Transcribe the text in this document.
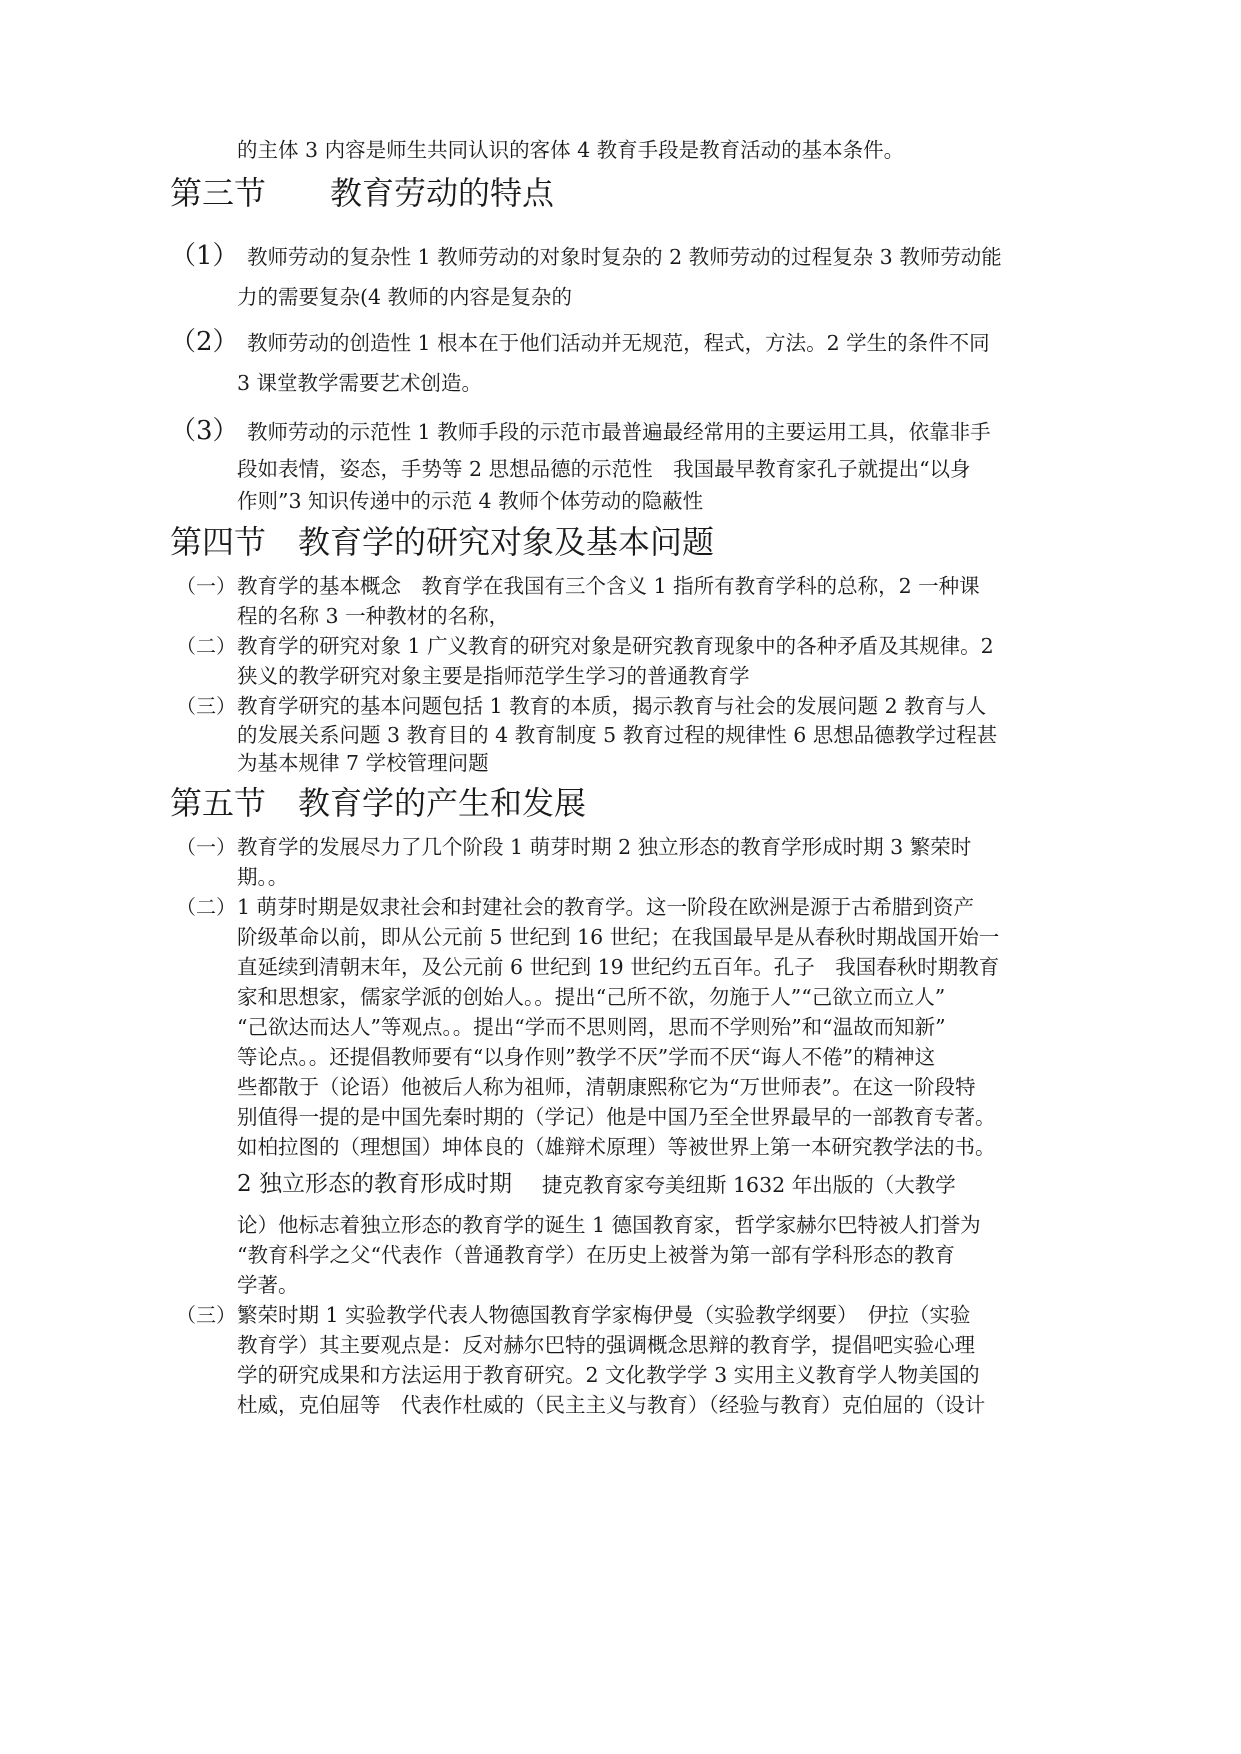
的主体 3 内容是师生共同认识的客体 4 教育手段是教育活动的基本条件。
第三节　　教育劳动的特点
（1） 教师劳动的复杂性 1 教师劳动的对象时复杂的 2 教师劳动的过程复杂 3 教师劳动能
力的需要复杂(4 教师的内容是复杂的
（2） 教师劳动的创造性 1 根本在于他们活动并无规范，程式，方法。2 学生的条件不同
3 课堂教学需要艺术创造。
（3） 教师劳动的示范性 1 教师手段的示范市最普遍最经常用的主要运用工具，依靠非手
段如表情，姿态，手势等 2 思想品德的示范性　我国最早教育家孔子就提出“以身
作则”3 知识传递中的示范 4 教师个体劳动的隐蔽性
第四节　教育学的研究对象及基本问题
（一） 教育学的基本概念　教育学在我国有三个含义 1 指所有教育学科的总称，2 一种课
程的名称 3 一种教材的名称，
（二） 教育学的研究对象 1 广义教育的研究对象是研究教育现象中的各种矛盾及其规律。2
狭义的教学研究对象主要是指师范学生学习的普通教育学
（三） 教育学研究的基本问题包括 1 教育的本质，揭示教育与社会的发展问题 2 教育与人
的发展关系问题 3 教育目的 4 教育制度 5 教育过程的规律性 6 思想品德教学过程甚
为基本规律 7 学校管理问题
第五节　教育学的产生和发展
（一） 教育学的发展尽力了几个阶段 1 萌芽时期 2 独立形态的教育学形成时期 3 繁荣时
期。。
（二） 1 萌芽时期是奴隶社会和封建社会的教育学。这一阶段在欧洲是源于古希腊到资产
阶级革命以前，即从公元前 5 世纪到 16 世纪；在我国最早是从春秋时期战国开始一
直延续到清朝末年，及公元前 6 世纪到 19 世纪约五百年。孔子　我国春秋时期教育
家和思想家，儒家学派的创始人。。提出“己所不欲，勿施于人”“己欲立而立人”
“己欲达而达人”等观点。。提出“学而不思则罔，思而不学则殆”和“温故而知新”
等论点。。还提倡教师要有“以身作则”教学不厌”学而不厌“诲人不倦”的精神这
些都散于（论语）他被后人称为祖师，清朝康熙称它为“万世师表”。在这一阶段特
别值得一提的是中国先秦时期的（学记）他是中国乃至全世界最早的一部教育专著。
如柏拉图的（理想国）坤体良的（雄辩术原理）等被世界上第一本研究教学法的书。
2 独立形态的教育形成时期 捷克教育家夸美纽斯 1632 年出版的（大教学
论）他标志着独立形态的教育学的诞生 1 德国教育家，哲学家赫尔巴特被人扪誉为
“教育科学之父“代表作（普通教育学）在历史上被誉为第一部有学科形态的教育
学著。
（三） 繁荣时期 1 实验教学代表人物德国教育学家梅伊曼（实验教学纲要）　伊拉（实验
教育学）其主要观点是：反对赫尔巴特的强调概念思辩的教育学，提倡吧实验心理
学的研究成果和方法运用于教育研究。2 文化教学学 3 实用主义教育学人物美国的
杜威，克伯屈等　代表作杜威的（民主主义与教育）（经验与教育）克伯屈的（设计
